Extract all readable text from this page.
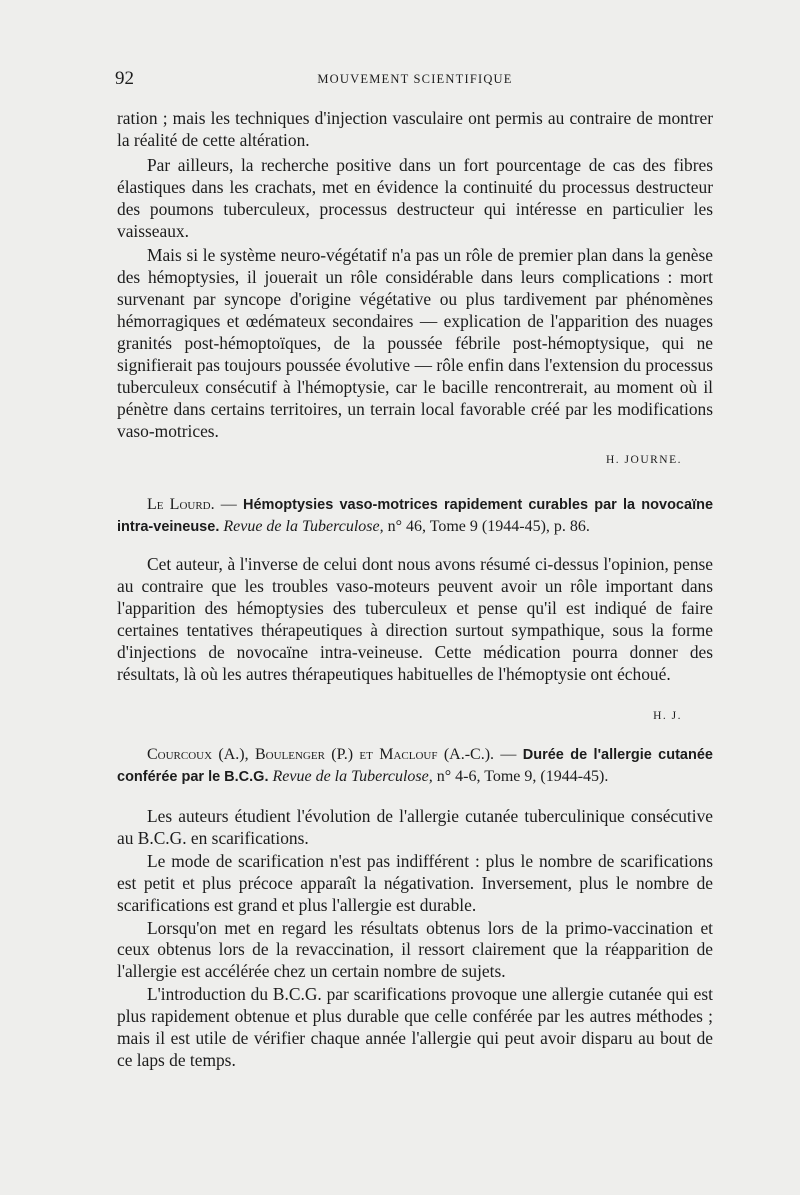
92	MOUVEMENT SCIENTIFIQUE

ration ; mais les techniques d'injection vasculaire ont permis au contraire de montrer la réalité de cette altération.

Par ailleurs, la recherche positive dans un fort pourcentage de cas des fibres élastiques dans les crachats, met en évidence la continuité du processus destructeur des poumons tuberculeux, processus destructeur qui intéresse en particulier les vaisseaux.

Mais si le système neuro-végétatif n'a pas un rôle de premier plan dans la genèse des hémoptysies, il jouerait un rôle considérable dans leurs complications : mort survenant par syncope d'origine végétative ou plus tardivement par phénomènes hémorragiques et œdémateux secondaires — explication de l'apparition des nuages granités post-hémoptoïques, de la poussée fébrile post-hémoptysique, qui ne signifierait pas toujours poussée évolutive — rôle enfin dans l'extension du processus tuberculeux consécutif à l'hémoptysie, car le bacille rencontrerait, au moment où il pénètre dans certains territoires, un terrain local favorable créé par les modifications vaso-motrices.

H. JOURNE.

Le Lourd. — Hémoptysies vaso-motrices rapidement curables par la novocaïne intra-veineuse. Revue de la Tuberculose, n° 46, Tome 9 (1944-45), p. 86.

Cet auteur, à l'inverse de celui dont nous avons résumé ci-dessus l'opinion, pense au contraire que les troubles vaso-moteurs peuvent avoir un rôle important dans l'apparition des hémoptysies des tuberculeux et pense qu'il est indiqué de faire certaines tentatives thérapeutiques à direction surtout sympathique, sous la forme d'injections de novocaïne intra-veineuse. Cette médication pourra donner des résultats, là où les autres thérapeutiques habituelles de l'hémoptysie ont échoué.

H. J.

Courcoux (A.), Boulenger (P.) et Maclouf (A.-C.). — Durée de l'allergie cutanée conférée par le B.C.G. Revue de la Tuberculose, n° 4-6, Tome 9, (1944-45).

Les auteurs étudient l'évolution de l'allergie cutanée tuberculinique consécutive au B.C.G. en scarifications.

Le mode de scarification n'est pas indifférent : plus le nombre de scarifications est petit et plus précoce apparaît la négativation. Inversement, plus le nombre de scarifications est grand et plus l'allergie est durable.

Lorsqu'on met en regard les résultats obtenus lors de la primo-vaccination et ceux obtenus lors de la revaccination, il ressort clairement que la réapparition de l'allergie est accélérée chez un certain nombre de sujets.

L'introduction du B.C.G. par scarifications provoque une allergie cutanée qui est plus rapidement obtenue et plus durable que celle conférée par les autres méthodes ; mais il est utile de vérifier chaque année l'allergie qui peut avoir disparu au bout de ce laps de temps.
